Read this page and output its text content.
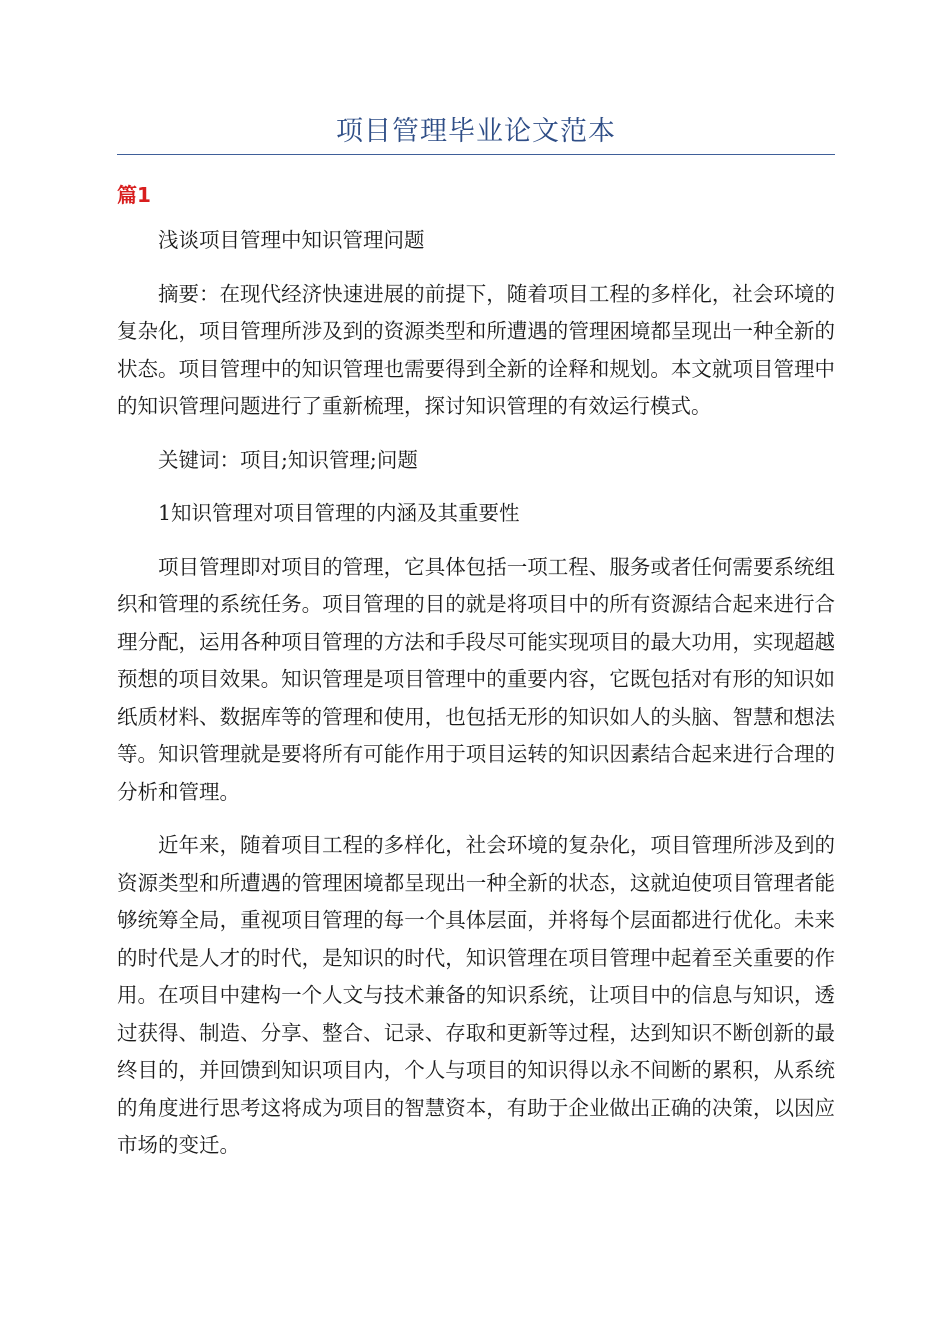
项目管理毕业论文范本
篇1

浅谈项目管理中知识管理问题

摘要：在现代经济快速进展的前提下，随着项目工程的多样化，社会环境的复杂化，项目管理所涉及到的资源类型和所遭遇的管理困境都呈现出一种全新的状态。项目管理中的知识管理也需要得到全新的诠释和规划。本文就项目管理中的知识管理问题进行了重新梳理，探讨知识管理的有效运行模式。

关键词：项目;知识管理;问题

1知识管理对项目管理的内涵及其重要性

项目管理即对项目的管理，它具体包括一项工程、服务或者任何需要系统组织和管理的系统任务。项目管理的目的就是将项目中的所有资源结合起来进行合理分配，运用各种项目管理的方法和手段尽可能实现项目的最大功用，实现超越预想的项目效果。知识管理是项目管理中的重要内容，它既包括对有形的知识如纸质材料、数据库等的管理和使用，也包括无形的知识如人的头脑、智慧和想法等。知识管理就是要将所有可能作用于项目运转的知识因素结合起来进行合理的分析和管理。

近年来，随着项目工程的多样化，社会环境的复杂化，项目管理所涉及到的资源类型和所遭遇的管理困境都呈现出一种全新的状态，这就迫使项目管理者能够统筹全局，重视项目管理的每一个具体层面，并将每个层面都进行优化。未来的时代是人才的时代，是知识的时代，知识管理在项目管理中起着至关重要的作用。在项目中建构一个人文与技术兼备的知识系统，让项目中的信息与知识，透过获得、制造、分享、整合、记录、存取和更新等过程，达到知识不断创新的最终目的，并回馈到知识项目内，个人与项目的知识得以永不间断的累积，从系统的角度进行思考这将成为项目的智慧资本，有助于企业做出正确的决策，以因应市场的变迁。
